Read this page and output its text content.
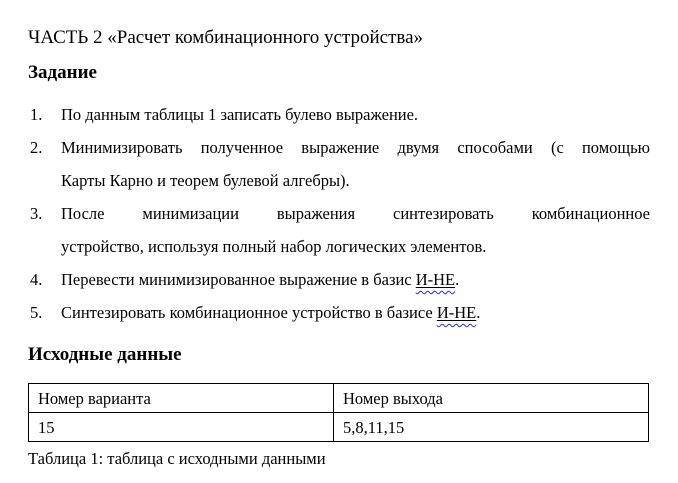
ЧАСТЬ 2 «Расчет комбинационного устройства»
Задание
1.	По данным таблицы 1 записать булево выражение.
2.	Минимизировать полученное выражение двумя способами (с помощью
Карты Карно и теорем булевой алгебры).
3.	После минимизации выражения синтезировать комбинационное
устройство, используя полный набор логических элементов.
4.	Перевести минимизированное выражение в базис И-НЕ.
5.	Синтезировать комбинационное устройство в базисе И-НЕ.
Исходные данные
Номер варианта	Номер выхода
15	5,8,11,15
Таблица 1: таблица с исходными данными
